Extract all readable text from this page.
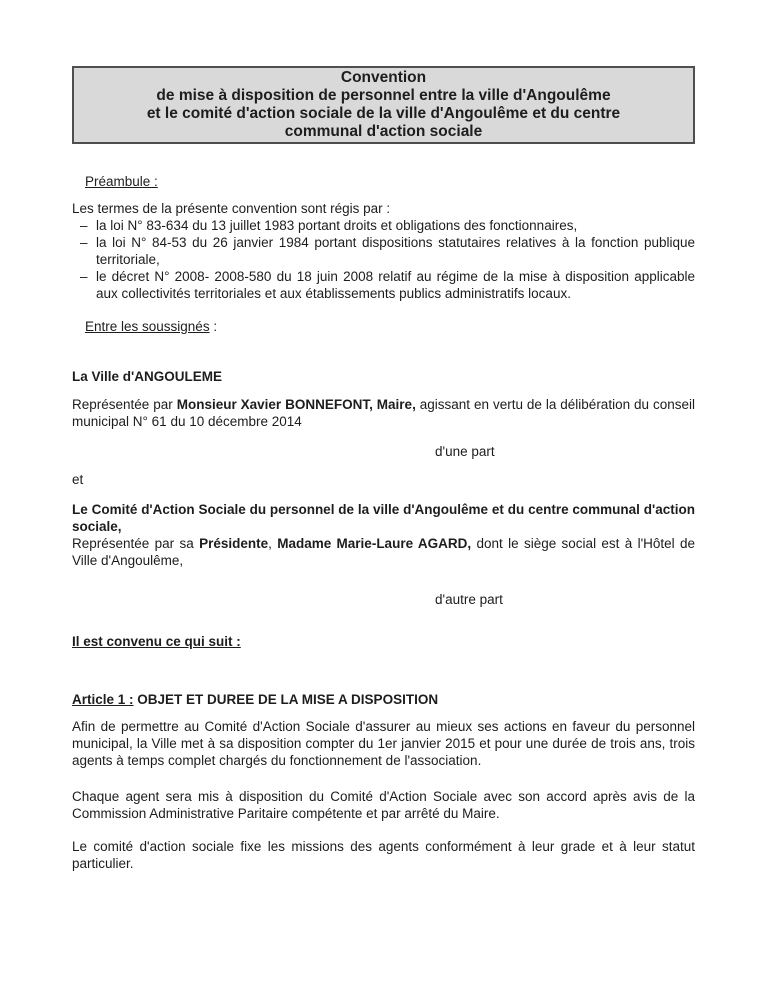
Convention
de mise à disposition de personnel entre la ville d'Angoulême
et le comité d'action sociale de la ville d'Angoulême et du centre
communal d'action sociale
Préambule :

Les termes de la présente convention sont régis par :

– la loi N° 83-634 du 13 juillet 1983 portant droits et obligations des fonctionnaires,
– la loi N° 84-53 du 26 janvier 1984 portant dispositions statutaires relatives à la fonction publique territoriale,
– le décret N° 2008- 2008-580 du 18 juin 2008 relatif au régime de la mise à disposition applicable aux collectivités territoriales et aux établissements publics administratifs locaux.
Entre les soussignés :

La Ville d'ANGOULEME

Représentée par Monsieur Xavier BONNEFONT, Maire, agissant en vertu de la délibération du conseil municipal N° 61 du 10 décembre 2014

d'une part

et

Le Comité d'Action Sociale du personnel de la ville d'Angoulême et du centre communal d'action sociale,
Représentée par sa Présidente, Madame Marie-Laure AGARD, dont le siège social est à l'Hôtel de Ville d'Angoulême,

d'autre part

Il est convenu ce qui suit :

Article 1 : OBJET ET DUREE DE LA MISE A DISPOSITION

Afin de permettre au Comité d'Action Sociale d'assurer au mieux ses actions en faveur du personnel municipal, la Ville met à sa disposition compter du 1er janvier 2015 et pour une durée de trois ans, trois agents à temps complet chargés du fonctionnement de l'association.

Chaque agent sera mis à disposition du Comité d'Action Sociale avec son accord après avis de la Commission Administrative Paritaire compétente et par arrêté du Maire.

Le comité d'action sociale fixe les missions des agents conformément à leur grade et à leur statut particulier.
